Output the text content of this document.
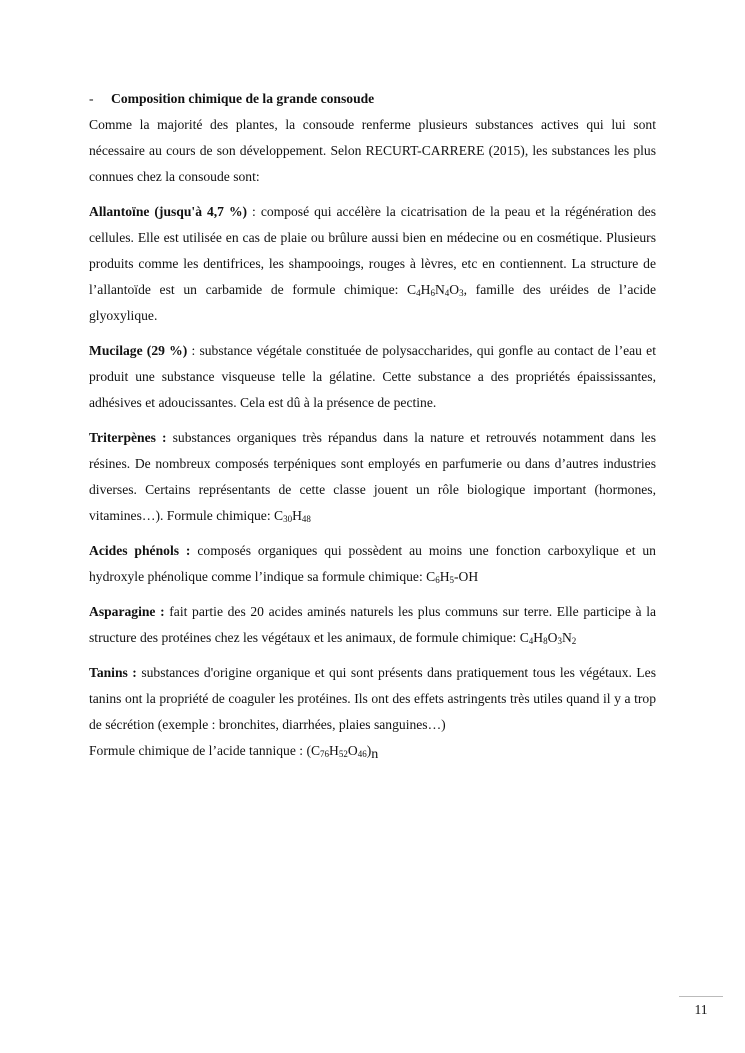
- Composition chimique de la grande consoude

Comme la majorité des plantes, la consoude renferme plusieurs substances actives qui lui sont nécessaire au cours de son développement. Selon RECURT-CARRERE (2015), les substances les plus connues chez la consoude sont:

Allantoïne (jusqu'à 4,7 %) : composé qui accélère la cicatrisation de la peau et la régénération des cellules. Elle est utilisée en cas de plaie ou brûlure aussi bien en médecine ou en cosmétique. Plusieurs produits comme les dentifrices, les shampooings, rouges à lèvres, etc en contiennent. La structure de l’allantoïde est un carbamide de formule chimique: $C_4H_6N_4O_3$, famille des uréides de l’acide glyoxylique.

Mucilage (29 %) : substance végétale constituée de polysaccharides, qui gonfle au contact de l’eau et produit une substance visqueuse telle la gélatine. Cette substance a des propriétés épaississantes, adhésives et adoucissantes. Cela est dû à la présence de pectine.

Triterpènes : substances organiques très répandus dans la nature et retrouvés notamment dans les résines. De nombreux composés terpéniques sont employés en parfumerie ou dans d’autres industries diverses. Certains représentants de cette classe jouent un rôle biologique important (hormones, vitamines…). Formule chimique: $C_{30}H_{48}$

Acides phénols : composés organiques qui possèdent au moins une fonction carboxylique et un hydroxyle phénolique comme l’indique sa formule chimique: $C_6H_5-OH$

Asparagine : fait partie des 20 acides aminés naturels les plus communs sur terre. Elle participe à la structure des protéines chez les végétaux et les animaux, de formule chimique: $C_4H_8O_3N_2$

Tanins : substances d'origine organique et qui sont présents dans pratiquement tous les végétaux. Les tanins ont la propriété de coaguler les protéines. Ils ont des effets astringents très utiles quand il y a trop de sécrétion (exemple : bronchites, diarrhées, plaies sanguines…)

Formule chimique de l’acide tannique : $(C_{76}H_{52}O_{46})n$

11
